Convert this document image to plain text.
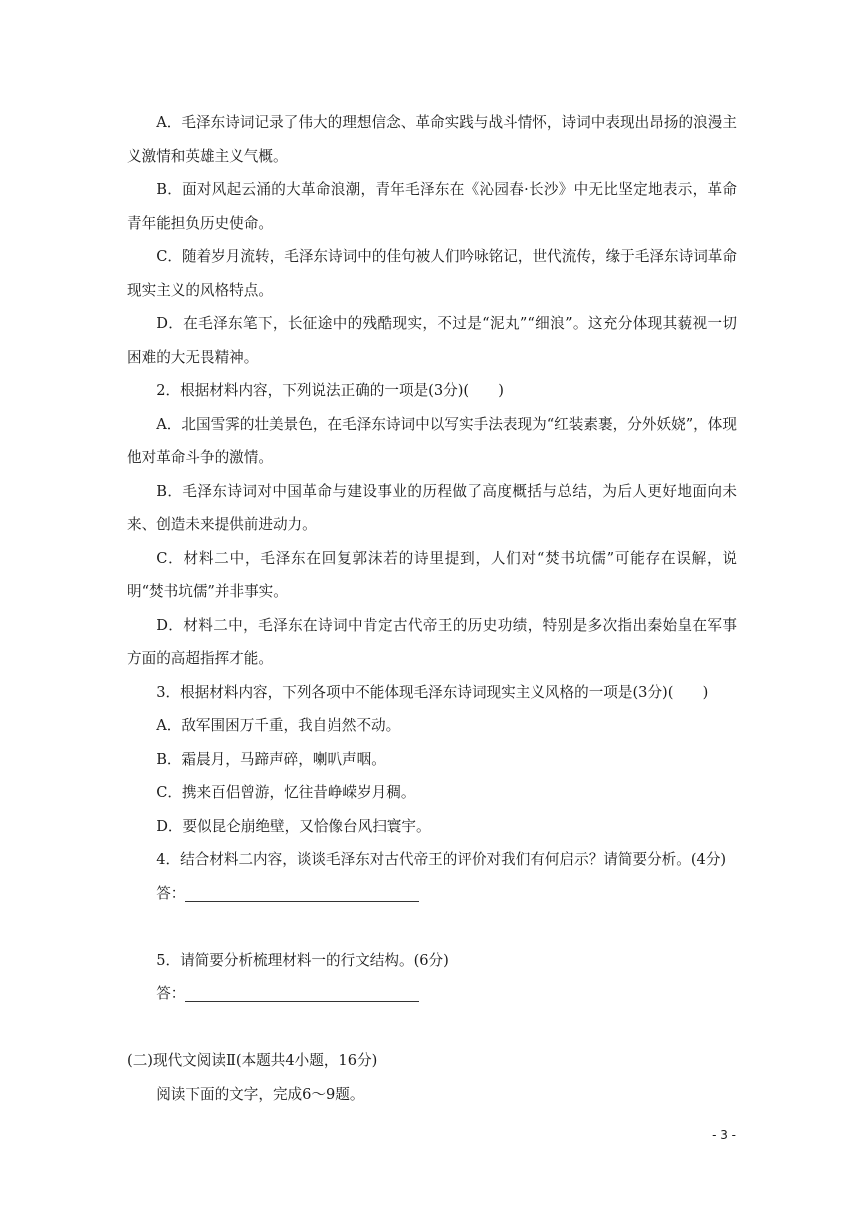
A．毛泽东诗词记录了伟大的理想信念、革命实践与战斗情怀，诗词中表现出昂扬的浪漫主义激情和英雄主义气概。

B．面对风起云涌的大革命浪潮，青年毛泽东在《沁园春·长沙》中无比坚定地表示，革命青年能担负历史使命。

C．随着岁月流转，毛泽东诗词中的佳句被人们吟咏铭记，世代流传，缘于毛泽东诗词革命现实主义的风格特点。

D．在毛泽东笔下，长征途中的残酷现实，不过是“泥丸”“细浪”。这充分体现其藐视一切困难的大无畏精神。

2．根据材料内容，下列说法正确的一项是(3分)(　　)

A．北国雪霁的壮美景色，在毛泽东诗词中以写实手法表现为“红装素裹，分外妖娆”，体现他对革命斗争的激情。

B．毛泽东诗词对中国革命与建设事业的历程做了高度概括与总结，为后人更好地面向未来、创造未来提供前进动力。

C．材料二中，毛泽东在回复郭沫若的诗里提到，人们对“焚书坑儒”可能存在误解，说明“焚书坑儒”并非事实。

D．材料二中，毛泽东在诗词中肯定古代帝王的历史功绩，特别是多次指出秦始皇在军事方面的高超指挥才能。

3．根据材料内容，下列各项中不能体现毛泽东诗词现实主义风格的一项是(3分)(　　)

A．敌军围困万千重，我自岿然不动。

B．霜晨月，马蹄声碎，喇叭声咽。

C．携来百侣曾游，忆往昔峥嵘岁月稠。

D．要似昆仑崩绝壁，又恰像台风扫寰宇。

4．结合材料二内容，谈谈毛泽东对古代帝王的评价对我们有何启示？请简要分析。(4分)

答：

5．请简要分析梳理材料一的行文结构。(6分)

答：

(二)现代文阅读Ⅱ(本题共4小题，16分)

阅读下面的文字，完成6～9题。

- 3 -
